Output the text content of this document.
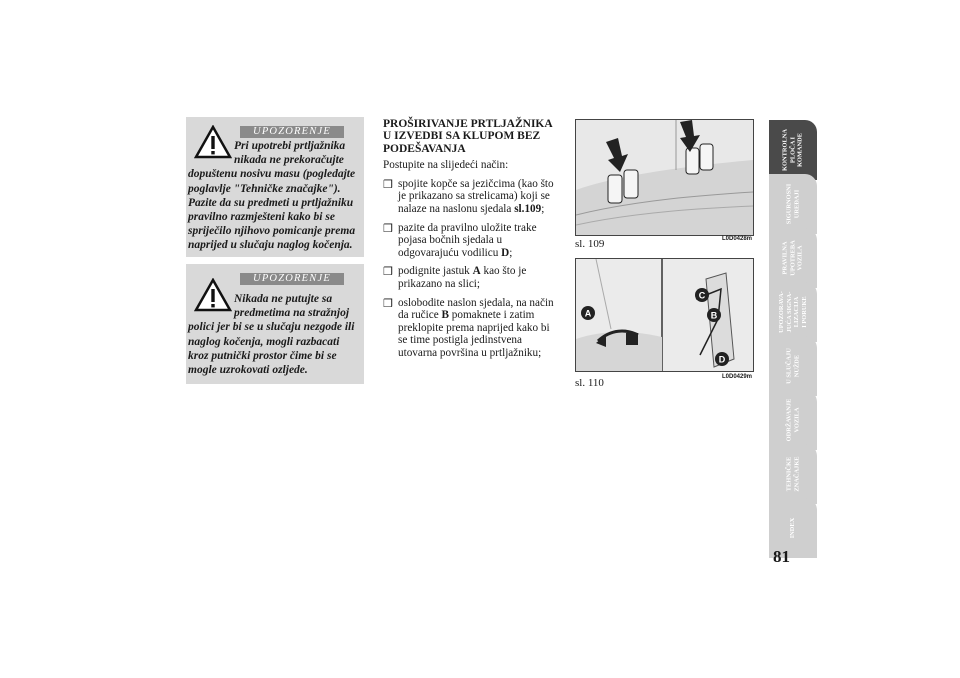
UPOZORENJE
Pri upotrebi prtljažnika nikada ne prekoračujte dopuštenu nosivu masu (pogledajte poglavlje "Tehničke značajke"). Pazite da su predmeti u prtljažniku pravilno razmješteni kako bi se spriječilo njihovo pomicanje prema naprijed u slučaju naglog kočenja.
UPOZORENJE
Nikada ne putujte sa predmetima na stražnjoj polici jer bi se u slučaju nezgode ili naglog kočenja, mogli razbacati kroz putnički prostor čime bi se mogle uzrokovati ozljede.
PROŠIRIVANJE PRTLJAŽNIKA U IZVEDBI SA KLUPOM BEZ PODEŠAVANJA

Postupite na slijedeći način:

❒ spojite kopče sa jezičcima (kao što je prikazano sa strelicama) koji se nalaze na naslonu sjedala sl.109;
❒ pazite da pravilno uložite trake pojasa bočnih sjedala u odgovarajuću vodilicu D;
❒ podignite jastuk A kao što je prikazano na slici;
❒ oslobodite naslon sjedala, na način da ručice B pomaknete i zatim preklopite prema naprijed kako bi se time postigla jedinstvena utovarna površina u prtljažniku;
sl. 109	L0D0428m
A	B
C
D
sl. 110	L0D0429m
KONTROLNA
PLOČA I
KOMANDE
SIGURNOSNI
UREĐAJI
PRAVILNA
UPOTREBA
VOZILA
UPOZORAVA-
JUĆA SIGNA-
LIZACIJA
I PORUKE
U SLUČAJU
NUŽDE
ODRŽAVANJE
VOZILA
TEHNIČKE
ZNAČAJKE
INDEX
81
